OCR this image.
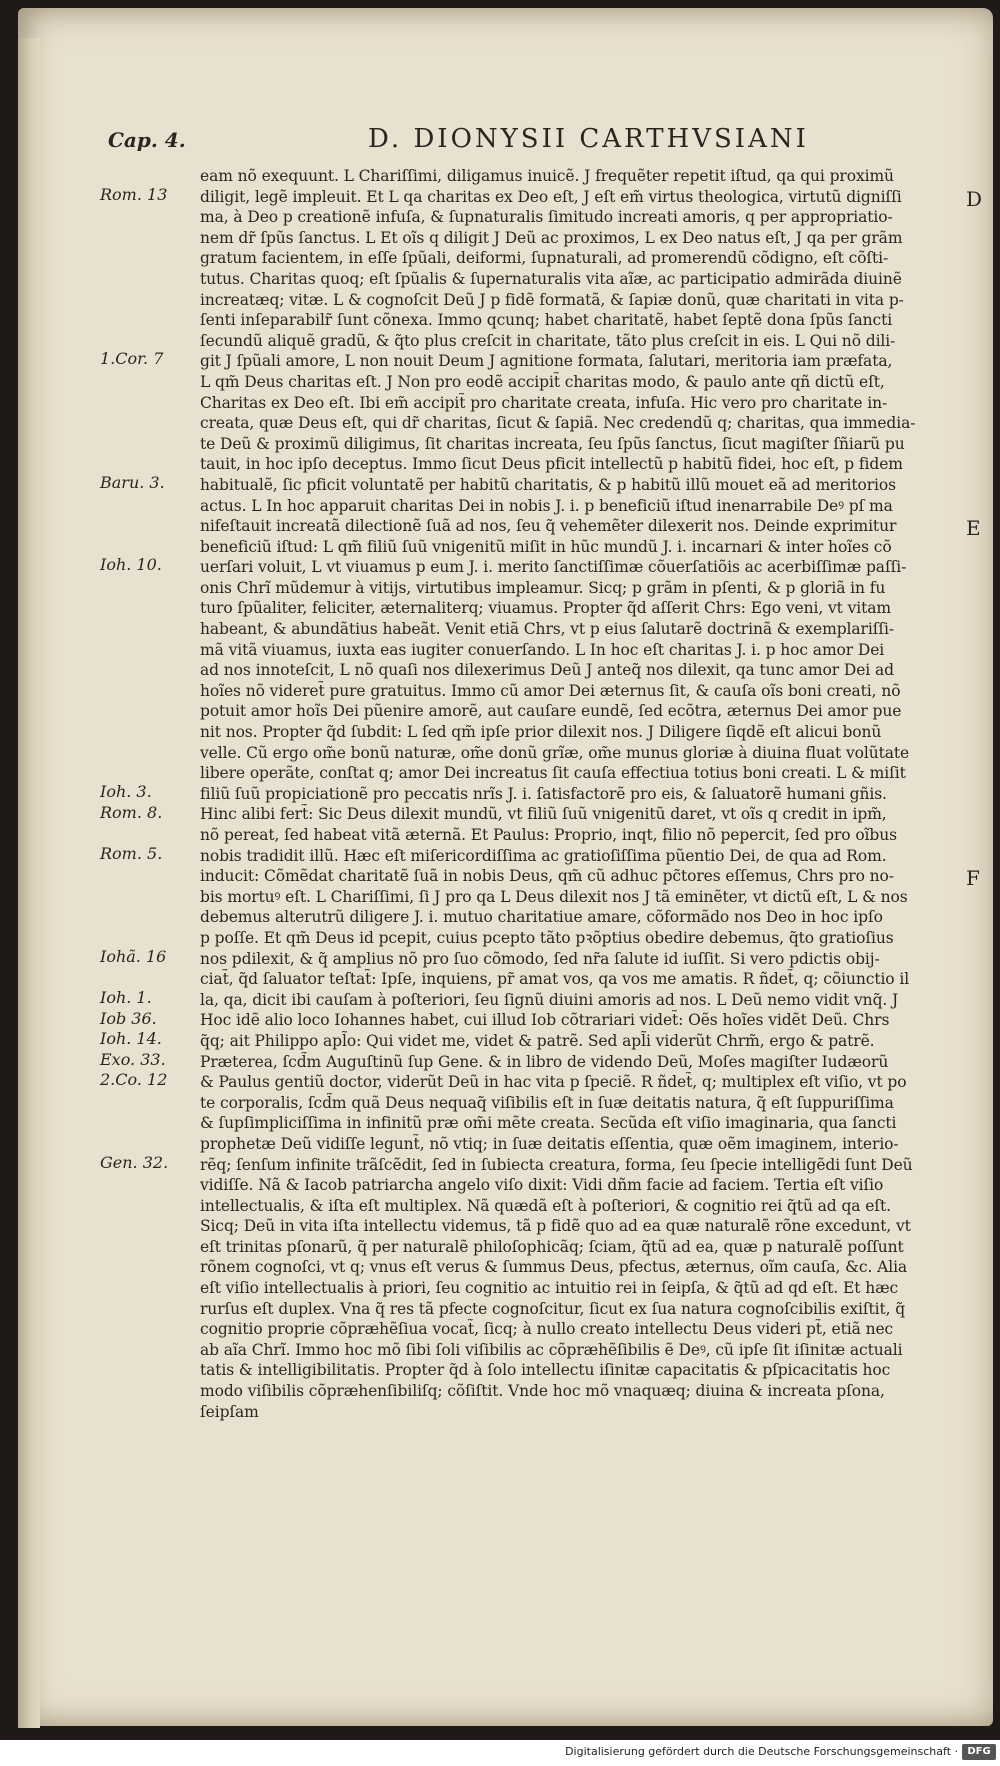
Cap. 4.	D. DIONYSII CARTHVSIANI
Rom. 13
1.Cor. 7
Baru. 3.
Ioh. 10.
Ioh. 3.
Rom. 8.
Rom. 5.
Iohã. 16
Ioh. 1.
Iob 36.
Ioh. 14.
Exo. 33.
2.Co. 12
Gen. 32.
D
E
F
eam nõ exequunt. L Chariſſimi, diligamus inuicẽ. J frequẽter repetit iſtud, qa qui proximũ
diligit, legẽ impleuit. Et L qa charitas ex Deo eſt, J eſt em̃ virtus theologica, virtutũ digniſſi
ma, à Deo p creationẽ infuſa, & ſupnaturalis ſimitudo increati amoris, q per appropriatio-
nem dr̃ ſpũs ſanctus. L Et oĩs q diligit J Deũ ac proximos, L ex Deo natus eſt, J qa per grãm
gratum facientem, in eſſe ſpũali, deiformi, ſupnaturali, ad promerendũ cõdigno, eſt cõſti-
tutus. Charitas quoq; eſt ſpũalis & ſupernaturalis vita aĩæ, ac participatio admirãda diuinẽ
increatæq; vitæ. L & cognoſcit Deũ J p fidẽ formatã, & ſapiæ donũ, quæ charitati in vita p-
ſenti inſeparabilr̃ ſunt cõnexa. Immo qcunq; habet charitatẽ, habet ſeptẽ dona ſpũs ſancti
ſecundũ aliquẽ gradũ, & q̃to plus creſcit in charitate, tãto plus creſcit in eis. L Qui nõ dili-
git J ſpũali amore, L non nouit Deum J agnitione formata, ſalutari, meritoria iam præfata,
L qm̃ Deus charitas eſt. J Non pro eodẽ accipit̃ charitas modo, & paulo ante qñ dictũ eſt,
Charitas ex Deo eſt. Ibi em̃ accipit̃ pro charitate creata, infuſa. Hic vero pro charitate in-
creata, quæ Deus eſt, qui dr̃ charitas, ſicut & ſapiã. Nec credendũ q; charitas, qua immedia-
te Deũ & proximũ diligimus, ſit charitas increata, ſeu ſpũs ſanctus, ſicut magiſter ſñiarũ pu
tauit, in hoc ipſo deceptus. Immo ſicut Deus pficit intellectũ p habitũ fidei, hoc eſt, p fidem
habitualẽ, ſic pficit voluntatẽ per habitũ charitatis, & p habitũ illũ mouet eã ad meritorios
actus. L In hoc apparuit charitas Dei in nobis J. i. p beneficiũ iſtud inenarrabile Deꝰ pſ ma
nifeſtauit increatã dilectionẽ ſuã ad nos, ſeu q̃ vehemẽter dilexerit nos. Deinde exprimitur
beneficiũ iſtud: L qm̃ filiũ ſuũ vnigenitũ miſit in hũc mundũ J. i. incarnari & inter hoĩes cõ
uerſari voluit, L vt viuamus p eum J. i. merito ſanctiſſimæ cõuerſatiõis ac acerbiſſimæ paſſi-
onis Chrĩ mũdemur à vitijs, virtutibus impleamur. Sicq; p grãm in pſenti, & p gloriã in fu
turo ſpũaliter, feliciter, æternaliterq; viuamus. Propter q̃d aſſerit Chrs: Ego veni, vt vitam
habeant, & abundãtius habeãt. Venit etiã Chrs, vt p eius ſalutarẽ doctrinã & exemplariſſi-
mã vitã viuamus, iuxta eas iugiter conuerſando. L In hoc eſt charitas J. i. p hoc amor Dei
ad nos innoteſcit, L nõ quaſi nos dilexerimus Deũ J anteq̃ nos dilexit, qa tunc amor Dei ad
hoĩes nõ videret̃ pure gratuitus. Immo cũ amor Dei æternus ſit, & cauſa oĩs boni creati, nõ
potuit amor hoĩs Dei pũenire amorẽ, aut cauſare eundẽ, ſed ecõtra, æternus Dei amor pue
nit nos. Propter q̃d ſubdit: L ſed qm̃ ipſe prior dilexit nos. J Diligere ſiqdẽ eſt alicui bonũ
velle. Cũ ergo om̃e bonũ naturæ, om̃e donũ grĩæ, om̃e munus gloriæ à diuina fluat volũtate
libere operãte, conſtat q; amor Dei increatus ſit cauſa effectiua totius boni creati. L & miſit
filiũ ſuũ propiciationẽ pro peccatis nrĩs J. i. ſatisfactorẽ pro eis, & ſaluatorẽ humani gñis.
Hinc alibi fert̃: Sic Deus dilexit mundũ, vt filiũ ſuũ vnigenitũ daret, vt oĩs q credit in ipm̃,
nõ pereat, ſed habeat vitã æternã. Et Paulus: Proprio, inqt, filio nõ pepercit, ſed pro oĩbus
nobis tradidit illũ. Hæc eſt miſericordiſſima ac gratioſiſſima pũentio Dei, de qua ad Rom.
inducit: Cõmẽdat charitatẽ ſuã in nobis Deus, qm̃ cũ adhuc pc̃tores eſſemus, Chrs pro no-
bis mortuꝰ eſt. L Chariſſimi, ſi J pro qa L Deus dilexit nos J tã eminẽter, vt dictũ eſt, L & nos
debemus alterutrũ diligere J. i. mutuo charitatiue amare, cõformãdo nos Deo in hoc ipſo
p poſſe. Et qm̃ Deus id pcepit, cuius pcepto tãto pꝛõptius obedire debemus, q̃to gratioſius
nos pdilexit, & q̃ amplius nõ pro ſuo cõmodo, ſed nr̃a ſalute id iuſſit. Si vero pdictis obij-
ciat̃, q̃d ſaluator teſtat̃: Ipſe, inquiens, pr̃ amat vos, qa vos me amatis. R ñdet̃, q; cõiunctio il
la, qa, dicit ibi cauſam à poſteriori, ſeu ſignũ diuini amoris ad nos. L Deũ nemo vidit vnq̃. J
Hoc idẽ alio loco Iohannes habet, cui illud Iob cõtrariari videt̃: Oẽs hoĩes vidẽt Deũ. Chrs
q̃q; ait Philippo apl̃o: Qui videt me, videt & patrẽ. Sed apl̃i viderũt Chrm̃, ergo & patrẽ.
Præterea, ſcd̃m Auguſtinũ ſup Gene. & in libro de videndo Deũ, Moſes magiſter Iudæorũ
& Paulus gentiũ doctor, viderũt Deũ in hac vita p ſpeciẽ. R ñdet̃, q; multiplex eſt viſio, vt po
te corporalis, ſcd̃m quã Deus nequaq̃ viſibilis eſt in ſuæ deitatis natura, q̃ eſt ſuppuriſſima
& ſupſimpliciſſima in infinitũ præ om̃i mẽte creata. Secũda eſt viſio imaginaria, qua ſancti
prophetæ Deũ vidiſſe legunt̃, nõ vtiq; in ſuæ deitatis eſſentia, quæ oẽm imaginem, interio-
rẽq; ſenſum infinite trãſcẽdit, ſed in ſubiecta creatura, forma, ſeu ſpecie intelligẽdi ſunt Deũ
vidiſſe. Nã & Iacob patriarcha angelo viſo dixit: Vidi dñm facie ad faciem. Tertia eſt viſio
intellectualis, & iſta eſt multiplex. Nã quædã eſt à poſteriori, & cognitio rei q̃tũ ad qa eſt.
Sicq; Deũ in vita iſta intellectu videmus, tã p fidẽ quo ad ea quæ naturalẽ rõne excedunt, vt
eſt trinitas pſonarũ, q̃ per naturalẽ philoſophicãq; ſciam, q̃tũ ad ea, quæ p naturalẽ poſſunt
rõnem cognoſci, vt q; vnus eſt verus & ſummus Deus, pfectus, æternus, oĩm cauſa, &c. Alia
eſt viſio intellectualis à priori, ſeu cognitio ac intuitio rei in ſeipſa, & q̃tũ ad qd eſt. Et hæc
rurſus eſt duplex. Vna q̃ res tã pfecte cognoſcitur, ſicut ex ſua natura cognoſcibilis exiſtit, q̃
cognitio proprie cõpræhẽſiua vocat̃, ſicq; à nullo creato intellectu Deus videri pt̃, etiã nec
ab aĩa Chrĩ. Immo hoc mõ ſibi ſoli viſibilis ac cõpræhẽſibilis ẽ Deꝰ, cũ ipſe ſit iſinitæ actuali
tatis & intelligibilitatis. Propter q̃d à ſolo intellectu iſinitæ capacitatis & pſpicacitatis hoc
modo viſibilis cõpræhenſibiliſq; cõſiſtit. Vnde hoc mõ vnaquæq; diuina & increata pſona,
ſeipſam
Digitalisierung gefördert durch die Deutsche Forschungsgemeinschaft · DFG
